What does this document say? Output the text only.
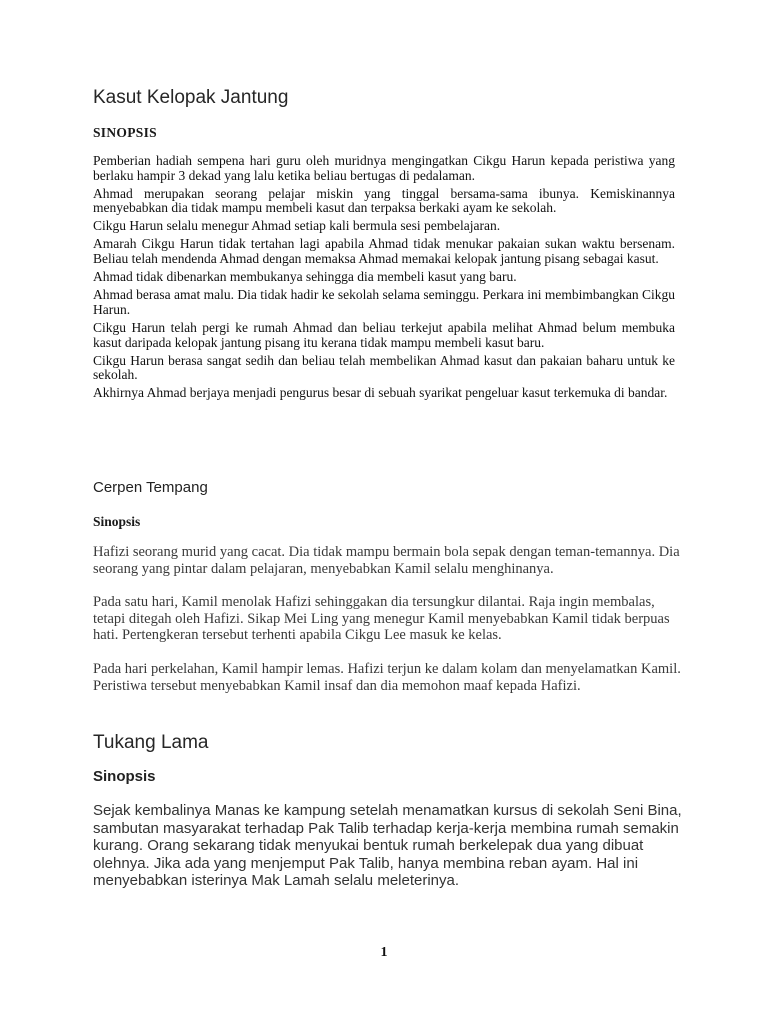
Kasut Kelopak Jantung
SINOPSIS

Pemberian hadiah sempena hari guru oleh muridnya mengingatkan Cikgu Harun kepada peristiwa yang berlaku hampir 3 dekad yang lalu ketika beliau bertugas di pedalaman.

Ahmad merupakan seorang pelajar miskin yang tinggal bersama-sama ibunya. Kemiskinannya menyebabkan dia tidak mampu membeli kasut dan terpaksa berkaki ayam ke sekolah.

Cikgu Harun selalu menegur Ahmad setiap kali bermula sesi pembelajaran.

Amarah Cikgu Harun tidak tertahan lagi apabila Ahmad tidak menukar pakaian sukan waktu bersenam. Beliau telah mendenda Ahmad dengan memaksa Ahmad memakai kelopak jantung pisang sebagai kasut.

Ahmad tidak dibenarkan membukanya sehingga dia membeli kasut yang baru.

Ahmad berasa amat malu. Dia tidak hadir ke sekolah selama seminggu. Perkara ini membimbangkan Cikgu Harun.

Cikgu Harun telah pergi ke rumah Ahmad dan beliau terkejut apabila melihat Ahmad belum membuka kasut daripada kelopak jantung pisang itu kerana tidak mampu membeli kasut baru.

Cikgu Harun berasa sangat sedih dan beliau telah membelikan Ahmad kasut dan pakaian baharu untuk ke sekolah.

Akhirnya Ahmad berjaya menjadi pengurus besar di sebuah syarikat pengeluar kasut terkemuka di bandar.

Cerpen Tempang
Sinopsis

Hafizi seorang murid yang cacat. Dia tidak mampu bermain bola sepak dengan teman-temannya. Dia seorang yang pintar dalam pelajaran, menyebabkan Kamil selalu menghinanya.

Pada satu hari, Kamil menolak Hafizi sehinggakan dia tersungkur dilantai. Raja ingin membalas, tetapi ditegah oleh Hafizi. Sikap Mei Ling yang menegur Kamil menyebabkan Kamil tidak berpuas hati. Pertengkeran tersebut terhenti apabila Cikgu Lee masuk ke kelas.

Pada hari perkelahan, Kamil hampir lemas. Hafizi terjun ke dalam kolam dan menyelamatkan Kamil. Peristiwa tersebut menyebabkan Kamil insaf dan dia memohon maaf kepada Hafizi.

Tukang Lama
Sinopsis

Sejak kembalinya Manas ke kampung setelah menamatkan kursus di sekolah Seni Bina, sambutan masyarakat terhadap Pak Talib terhadap kerja-kerja membina rumah semakin kurang. Orang sekarang tidak menyukai bentuk rumah berkelepak dua yang dibuat olehnya. Jika ada yang menjemput Pak Talib, hanya membina reban ayam. Hal ini menyebabkan isterinya Mak Lamah selalu meleterinya.

1
